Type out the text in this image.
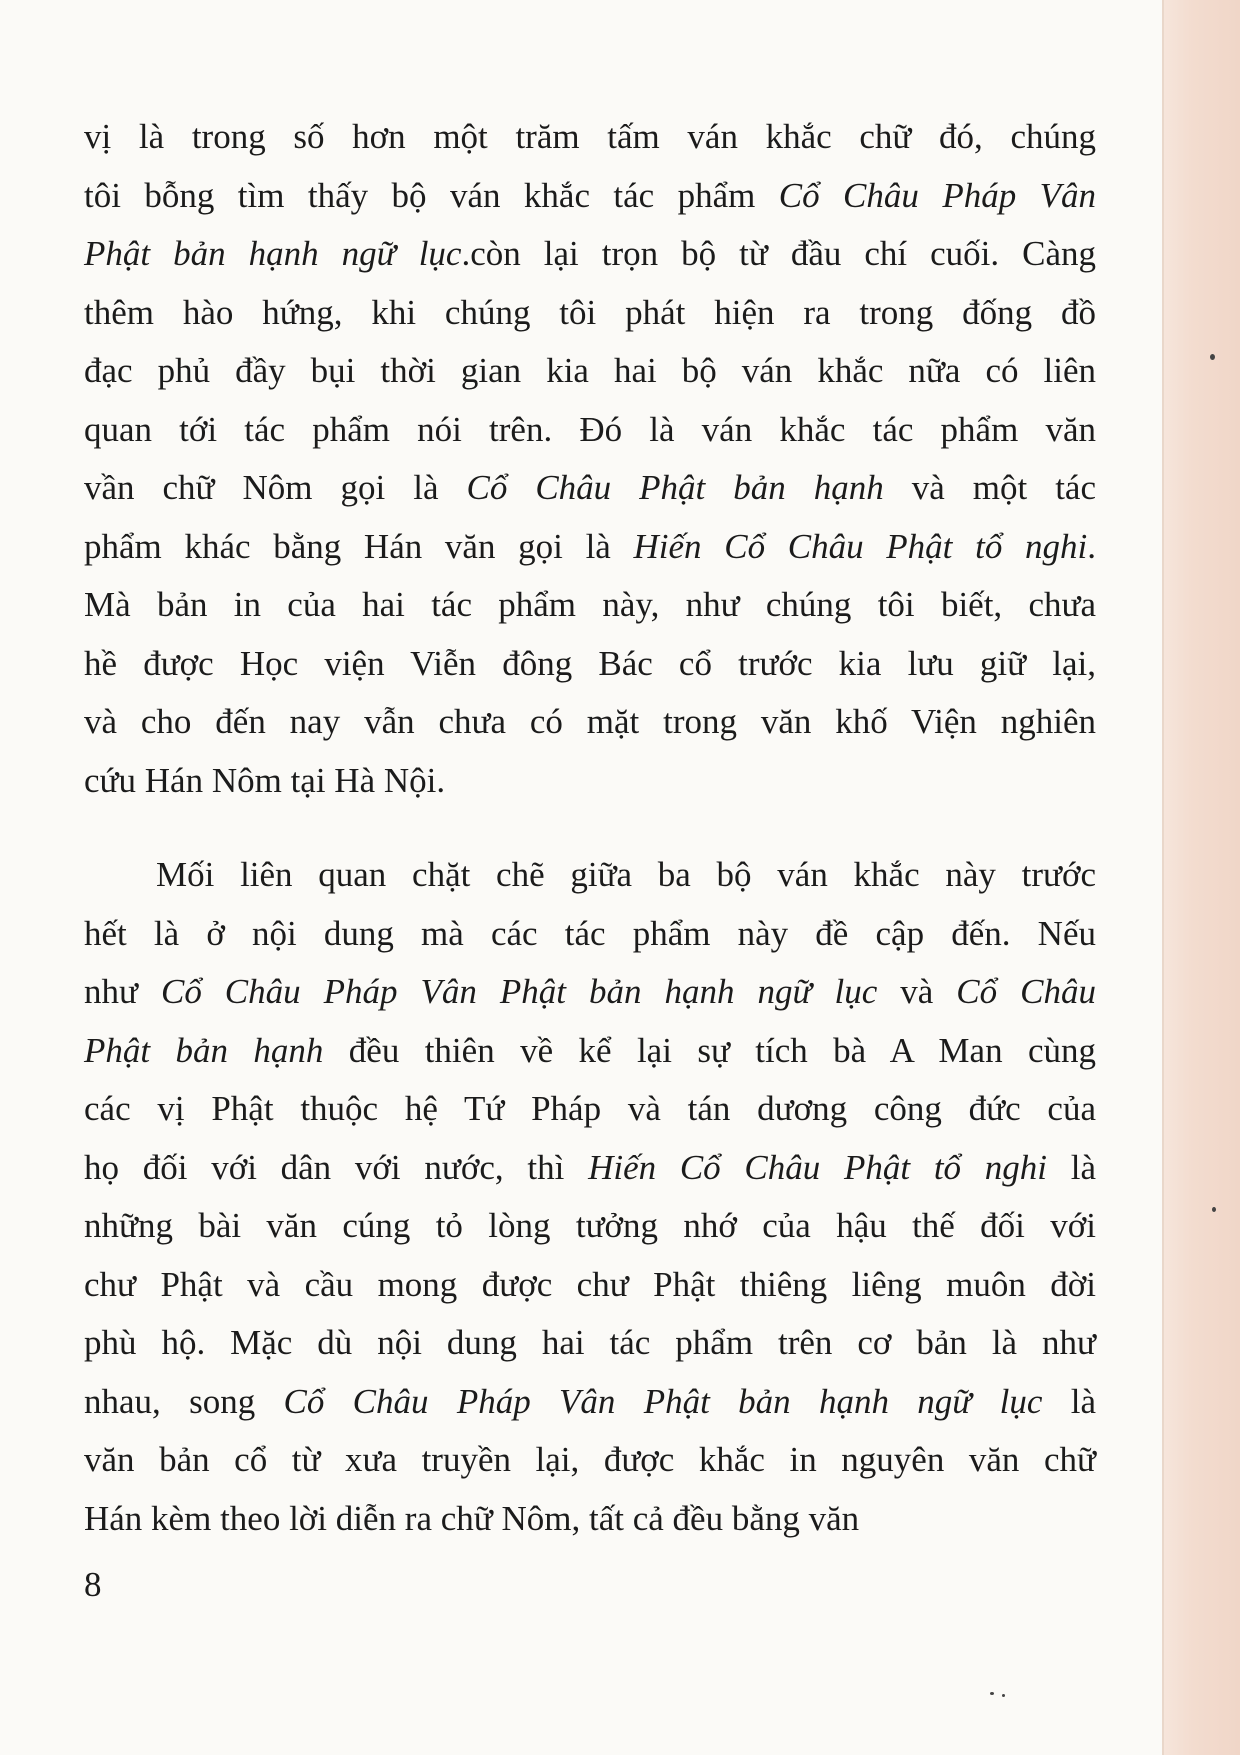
vị là trong số hơn một trăm tấm ván khắc chữ đó, chúng
tôi bỗng tìm thấy bộ ván khắc tác phẩm Cổ Châu Pháp Vân
Phật bản hạnh ngữ lục.còn lại trọn bộ từ đầu chí cuối. Càng
thêm hào hứng, khi chúng tôi phát hiện ra trong đống đồ
đạc phủ đầy bụi thời gian kia hai bộ ván khắc nữa có liên
quan tới tác phẩm nói trên. Đó là ván khắc tác phẩm văn
vần chữ Nôm gọi là Cổ Châu Phật bản hạnh và một tác
phẩm khác bằng Hán văn gọi là Hiến Cổ Châu Phật tổ nghi.
Mà bản in của hai tác phẩm này, như chúng tôi biết, chưa
hề được Học viện Viễn đông Bác cổ trước kia lưu giữ lại,
và cho đến nay vẫn chưa có mặt trong văn khố Viện nghiên
cứu Hán Nôm tại Hà Nội.
Mối liên quan chặt chẽ giữa ba bộ ván khắc này trước
hết là ở nội dung mà các tác phẩm này đề cập đến. Nếu
như Cổ Châu Pháp Vân Phật bản hạnh ngữ lục và Cổ Châu
Phật bản hạnh đều thiên về kể lại sự tích bà A Man cùng
các vị Phật thuộc hệ Tứ Pháp và tán dương công đức của
họ đối với dân với nước, thì Hiến Cổ Châu Phật tổ nghi là
những bài văn cúng tỏ lòng tưởng nhớ của hậu thế đối với
chư Phật và cầu mong được chư Phật thiêng liêng muôn đời
phù hộ. Mặc dù nội dung hai tác phẩm trên cơ bản là như
nhau, song Cổ Châu Pháp Vân Phật bản hạnh ngữ lục là
văn bản cổ từ xưa truyền lại, được khắc in nguyên văn chữ
Hán kèm theo lời diễn ra chữ Nôm, tất cả đều bằng văn
8
